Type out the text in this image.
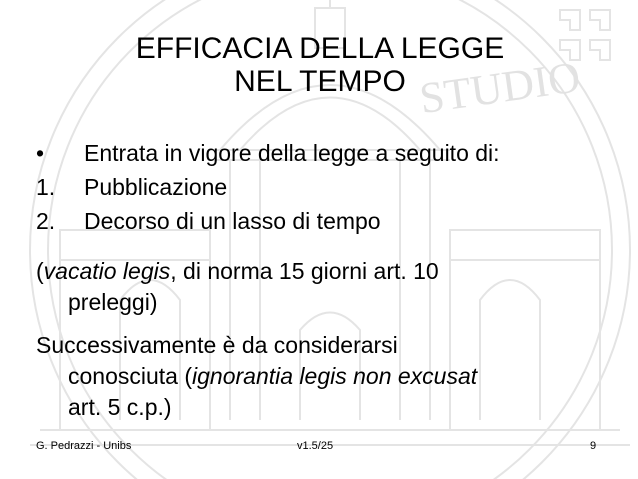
STUDIO
EFFICACIA DELLA LEGGE
NEL TEMPO
• Entrata in vigore della legge a seguito di:
1. Pubblicazione
2. Decorso di un lasso di tempo
(vacatio legis, di norma 15 giorni art. 10
preleggi)
Successivamente è da considerarsi
conosciuta (ignorantia legis non excusat
art. 5 c.p.)
G. Pedrazzi - Unibs	v1.5/25	9
